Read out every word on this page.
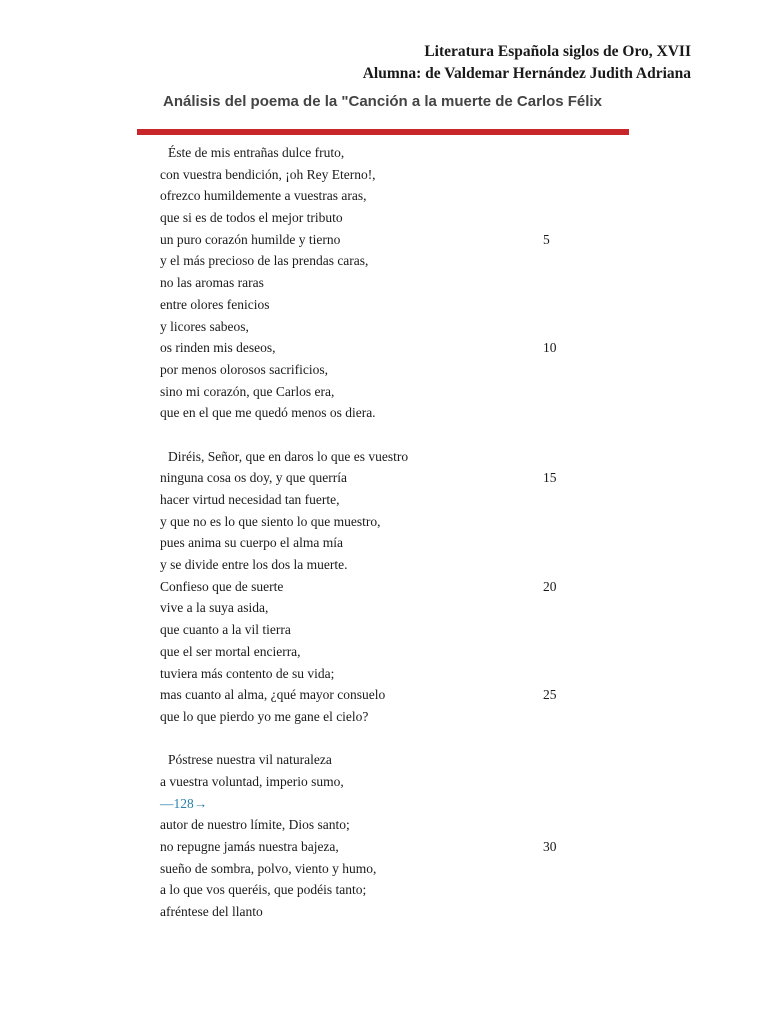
Literatura Española siglos de Oro, XVII
Alumna: de Valdemar Hernández Judith Adriana
Análisis del poema de la "Canción a la muerte de Carlos Félix
Éste de mis entrañas dulce fruto,
con vuestra bendición, ¡oh Rey Eterno!,
ofrezco humildemente a vuestras aras,
que si es de todos el mejor tributo
un puro corazón humilde y tierno	5
y el más precioso de las prendas caras,
no las aromas raras
entre olores fenicios
y licores sabeos,
os rinden mis deseos,	10
por menos olorosos sacrificios,
sino mi corazón, que Carlos era,
que en el que me quedó menos os diera.
Diréis, Señor, que en daros lo que es vuestro
ninguna cosa os doy, y que querría	15
hacer virtud necesidad tan fuerte,
y que no es lo que siento lo que muestro,
pues anima su cuerpo el alma mía
y se divide entre los dos la muerte.
Confieso que de suerte	20
vive a la suya asida,
que cuanto a la vil tierra
que el ser mortal encierra,
tuviera más contento de su vida;
mas cuanto al alma, ¿qué mayor consuelo	25
que lo que pierdo yo me gane el cielo?
Póstrese nuestra vil naturaleza
a vuestra voluntad, imperio sumo,
—128→
autor de nuestro límite, Dios santo;
no repugne jamás nuestra bajeza,	30
sueño de sombra, polvo, viento y humo,
a lo que vos queréis, que podéis tanto;
afréntese del llanto
